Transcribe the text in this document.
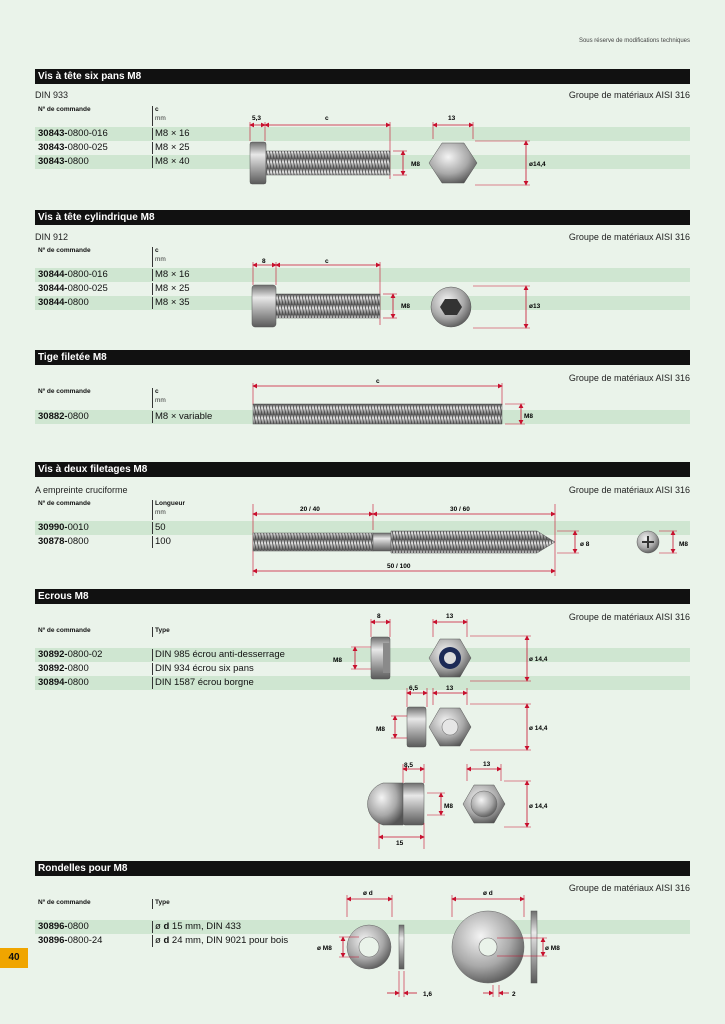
Sous réserve de modifications techniques
Vis à tête six pans M8
DIN 933	Groupe de matériaux AISI 316
Nº de commande	c
mm
30843-0800-016	M8 × 16
30843-0800-025	M8 × 25
30843-0800	M8 × 40
5,3	c
M8
13
ø14,4
Vis à tête cylindrique M8
DIN 912	Groupe de matériaux AISI 316
Nº de commande	c
mm
30844-0800-016	M8 × 16
30844-0800-025	M8 × 25
30844-0800	M8 × 35
8	c
M8	ø13
Tige filetée M8
Groupe de matériaux AISI 316
Nº de commande	c
mm
30882-0800	M8 × variable
c
M8
Vis à deux filetages M8
A empreinte cruciforme	Groupe de matériaux AISI 316
Nº de commande	Longueur
mm
30990-0010	50
30878-0800	100
20 / 40	30 / 60
50 / 100
ø 8	M8
Ecrous M8
Groupe de matériaux AISI 316
Nº de commande	Type
30892-0800-02	DIN 985 écrou anti-desserrage
30892-0800	DIN 934 écrou six pans
30894-0800	DIN 1587 écrou borgne
8
M8
13
ø 14,4
6,5
M8
13
ø 14,4
8,5
M8
15
13
ø 14,4
Rondelles pour M8
Groupe de matériaux AISI 316
Nº de commande	Type
30896-0800	ø d 15 mm, DIN 433
30896-0800-24	ø d 24 mm, DIN 9021 pour bois
ø d
ø M8
1,6
ø d
ø M8
2
40
